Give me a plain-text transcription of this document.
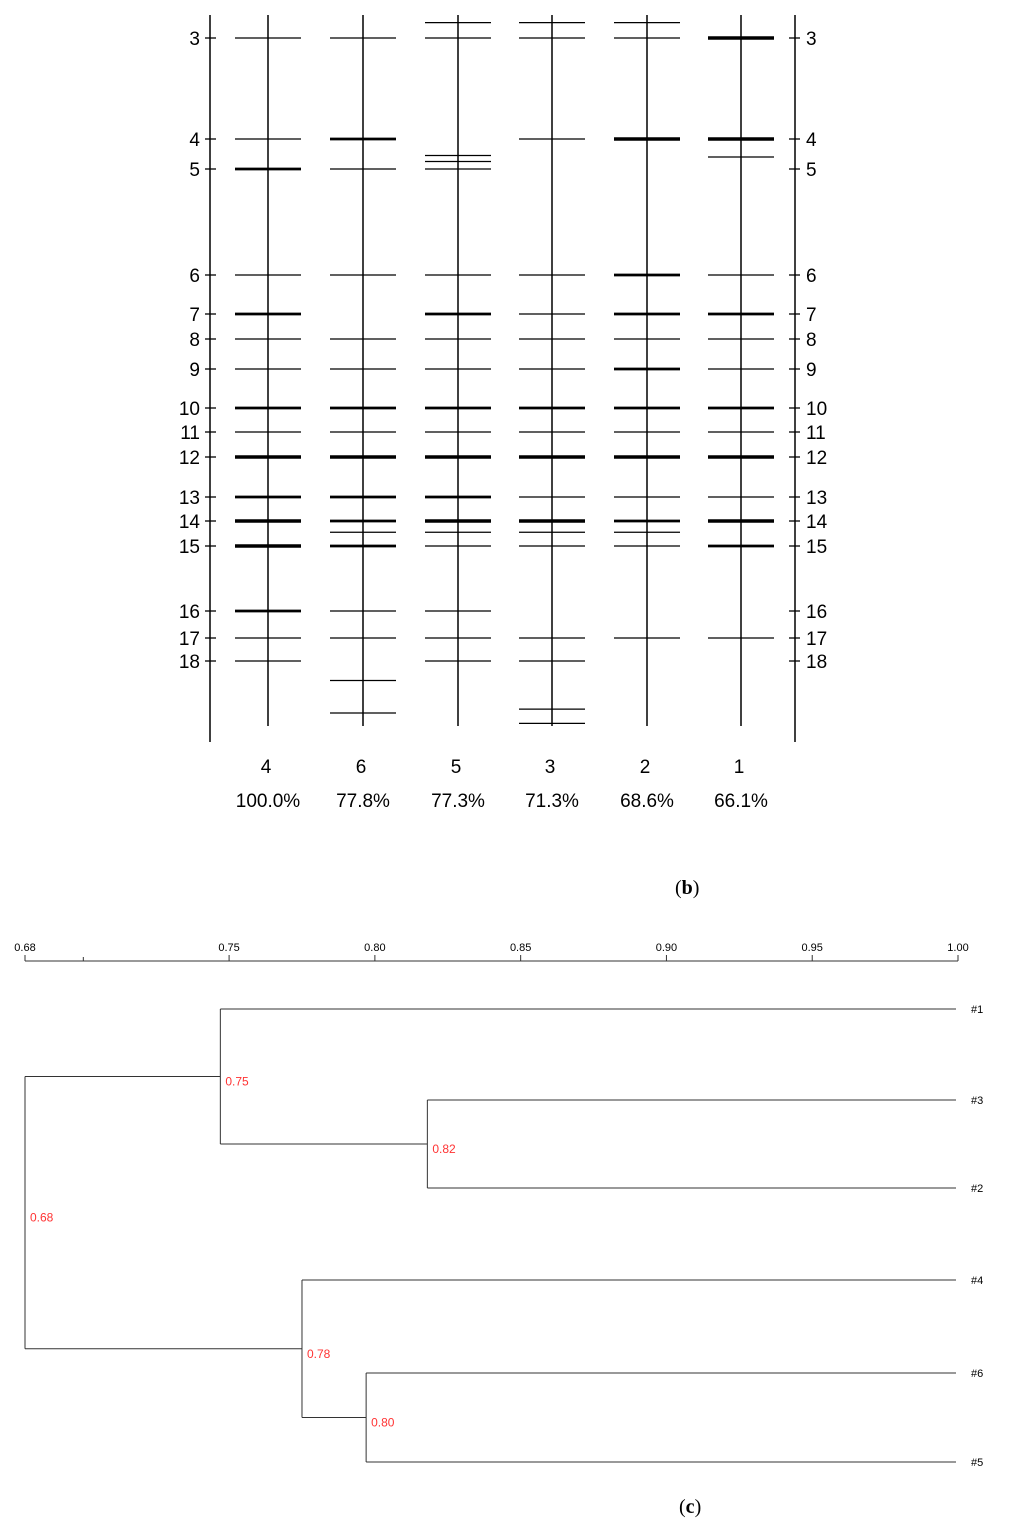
3
4
5
6
7
8
9
10
11
12
13
14
15
16
17
18
3
4
5
6
7
8
9
10
11
12
13
14
15
16
17
18
4
100.0%
6
77.8%
5
77.3%
3
71.3%
2
68.6%
1
66.1%
(b)
0.68	0.75	0.80	0.85	0.90	0.95	1.00
#1
#3
#2
#4
#6
#5
0.82
0.75
0.80
0.78
0.68
(c)
